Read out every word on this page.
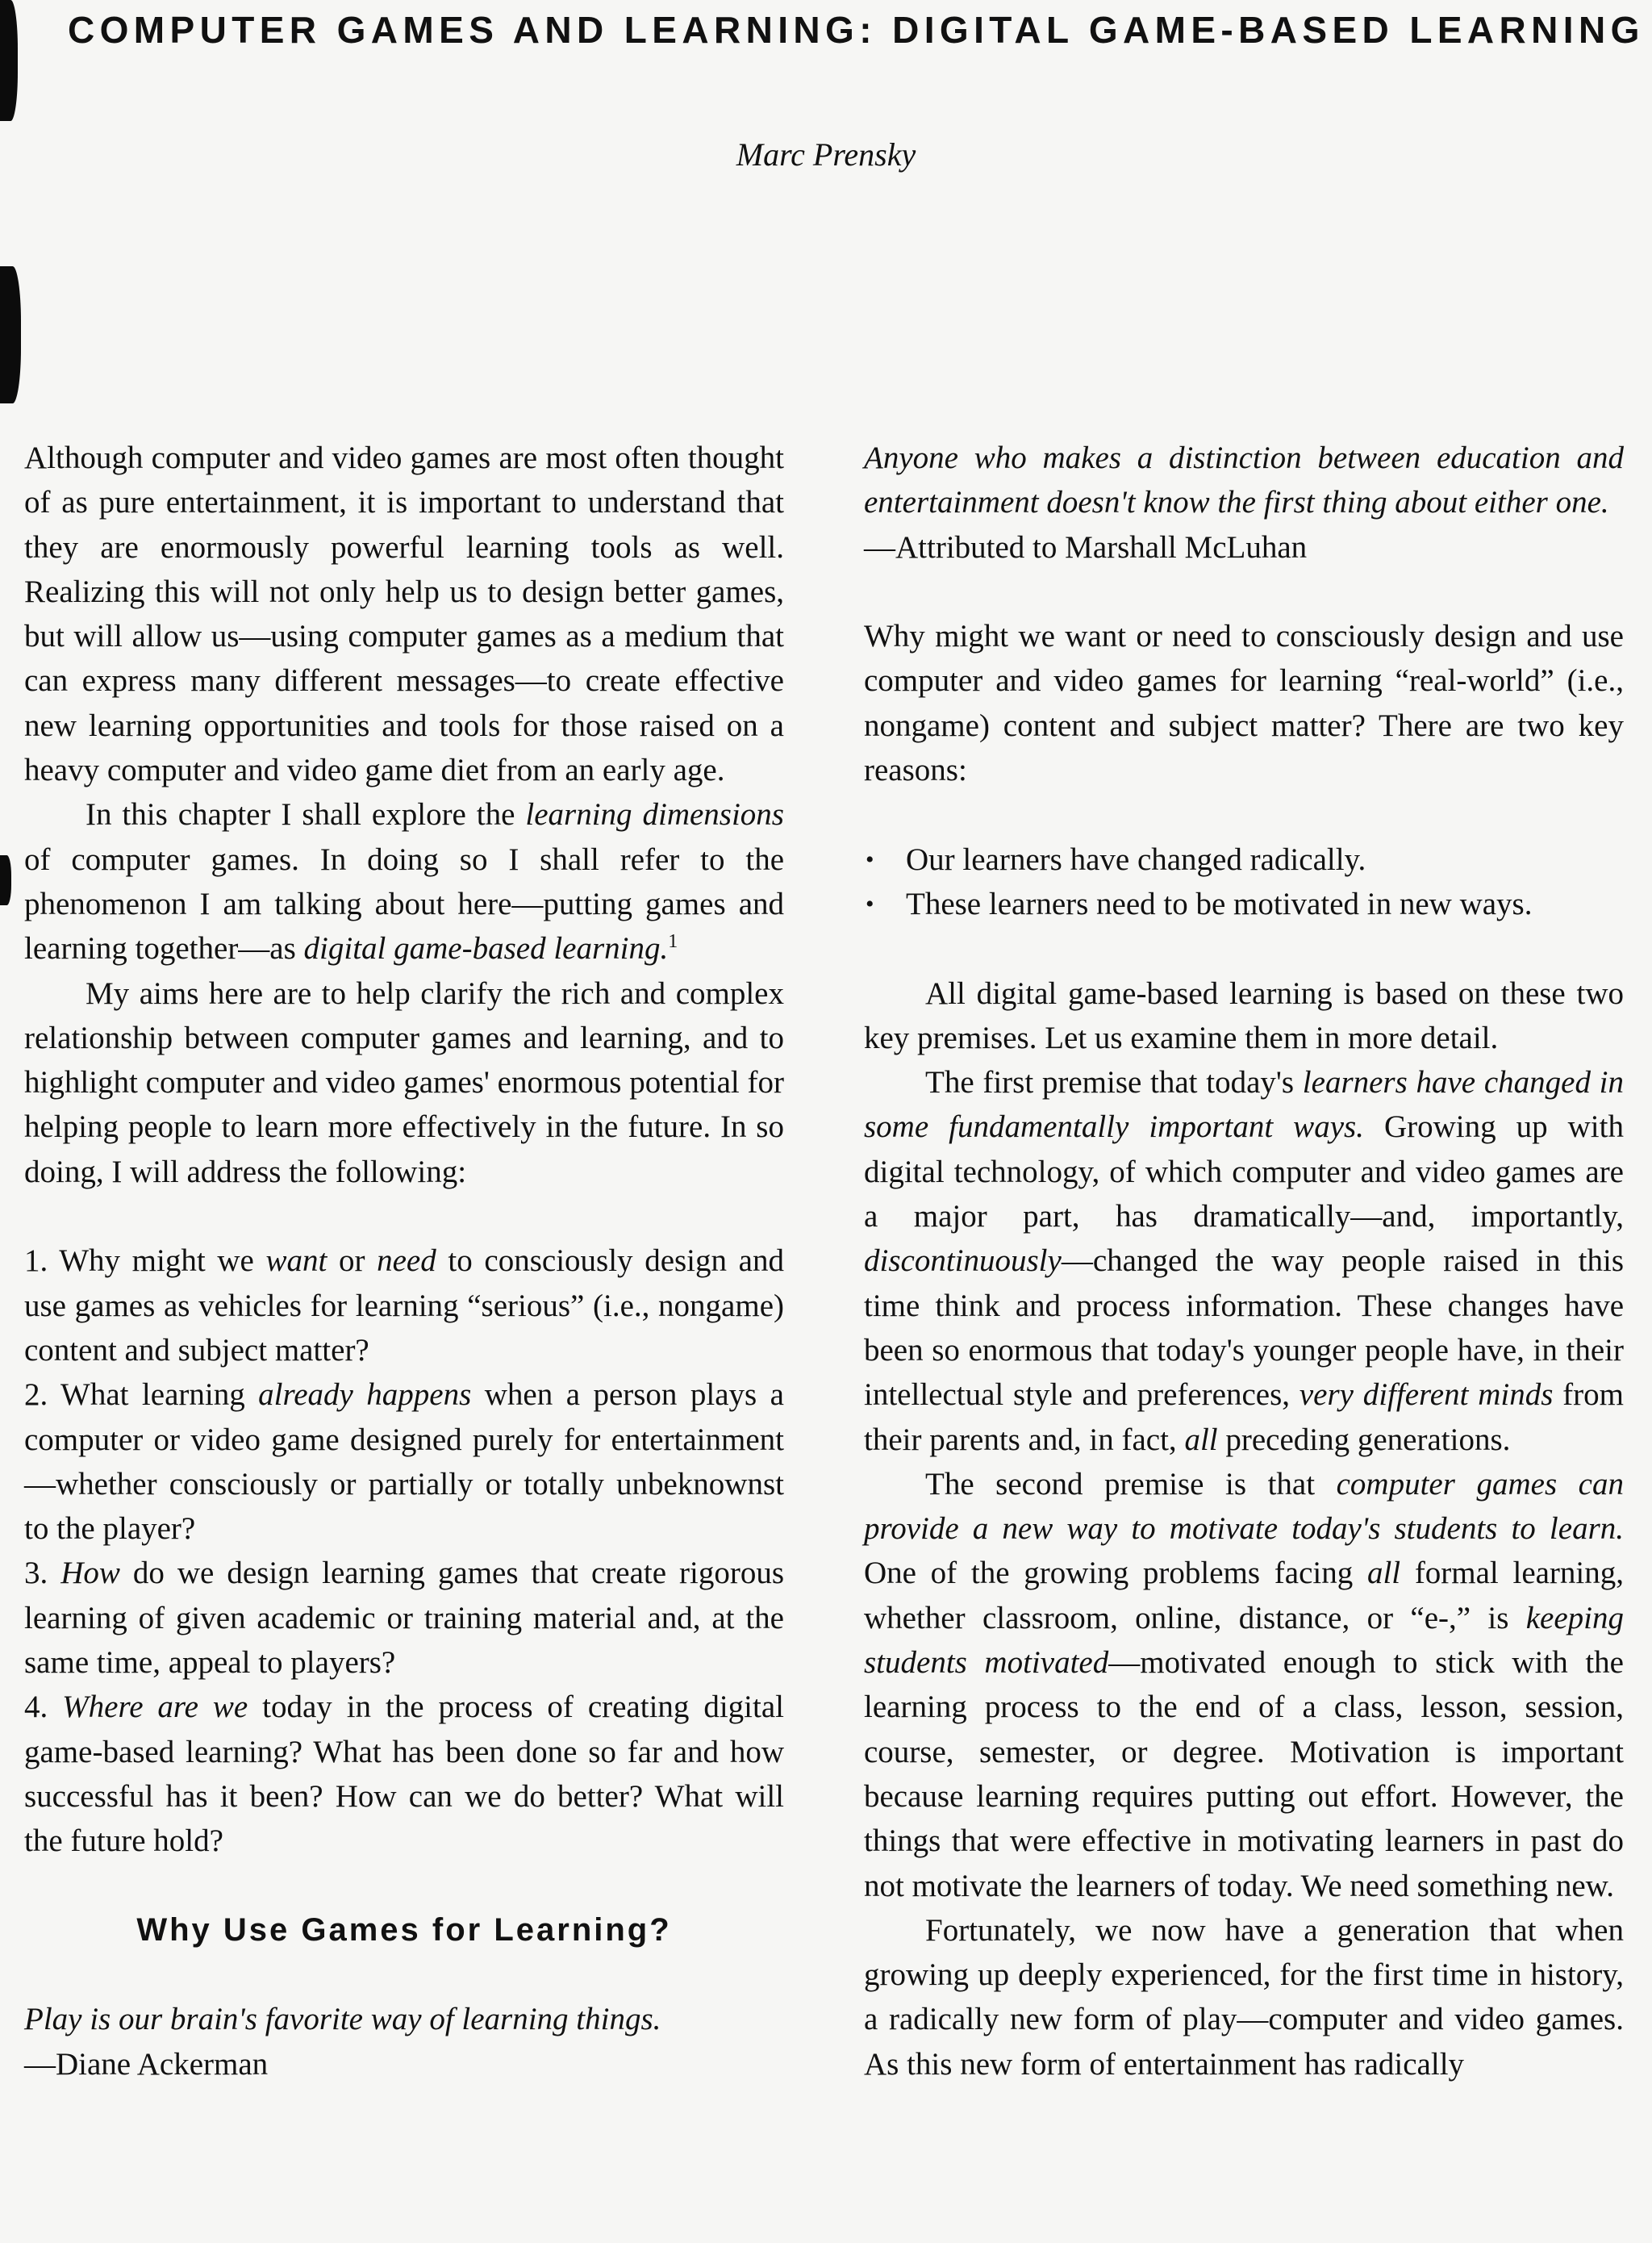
COMPUTER GAMES AND LEARNING: DIGITAL GAME-BASED LEARNING

Marc Prensky

Although computer and video games are most often thought of as pure entertainment, it is important to understand that they are enormously powerful learning tools as well. Realizing this will not only help us to design better games, but will allow us—using computer games as a medium that can express many different messages—to create effective new learning opportunities and tools for those raised on a heavy computer and video game diet from an early age.

In this chapter I shall explore the learning dimensions of computer games. In doing so I shall refer to the phenomenon I am talking about here—putting games and learning together—as digital game-based learning.$^1$

My aims here are to help clarify the rich and complex relationship between computer games and learning, and to highlight computer and video games' enormous potential for helping people to learn more effectively in the future. In so doing, I will address the following:

1. Why might we want or need to consciously design and use games as vehicles for learning “serious” (i.e., nongame) content and subject matter?

2. What learning already happens when a person plays a computer or video game designed purely for entertainment—whether consciously or partially or totally unbeknownst to the player?

3. How do we design learning games that create rigorous learning of given academic or training material and, at the same time, appeal to players?

4. Where are we today in the process of creating digital game-based learning? What has been done so far and how successful has it been? How can we do better? What will the future hold?

Why Use Games for Learning?

Play is our brain's favorite way of learning things.

—Diane Ackerman

Anyone who makes a distinction between education and entertainment doesn't know the first thing about either one.

—Attributed to Marshall McLuhan

Why might we want or need to consciously design and use computer and video games for learning “real-world” (i.e., nongame) content and subject matter? There are two key reasons:

• Our learners have changed radically.
• These learners need to be motivated in new ways.

All digital game-based learning is based on these two key premises. Let us examine them in more detail.

The first premise that today's learners have changed in some fundamentally important ways. Growing up with digital technology, of which computer and video games are a major part, has dramatically—and, importantly, discontinuously—changed the way people raised in this time think and process information. These changes have been so enormous that today's younger people have, in their intellectual style and preferences, very different minds from their parents and, in fact, all preceding generations.

The second premise is that computer games can provide a new way to motivate today's students to learn. One of the growing problems facing all formal learning, whether classroom, online, distance, or “e-,” is keeping students motivated—motivated enough to stick with the learning process to the end of a class, lesson, session, course, semester, or degree. Motivation is important because learning requires putting out effort. However, the things that were effective in motivating learners in past do not motivate the learners of today. We need something new.

Fortunately, we now have a generation that when growing up deeply experienced, for the first time in history, a radically new form of play—computer and video games. As this new form of entertainment has radically
